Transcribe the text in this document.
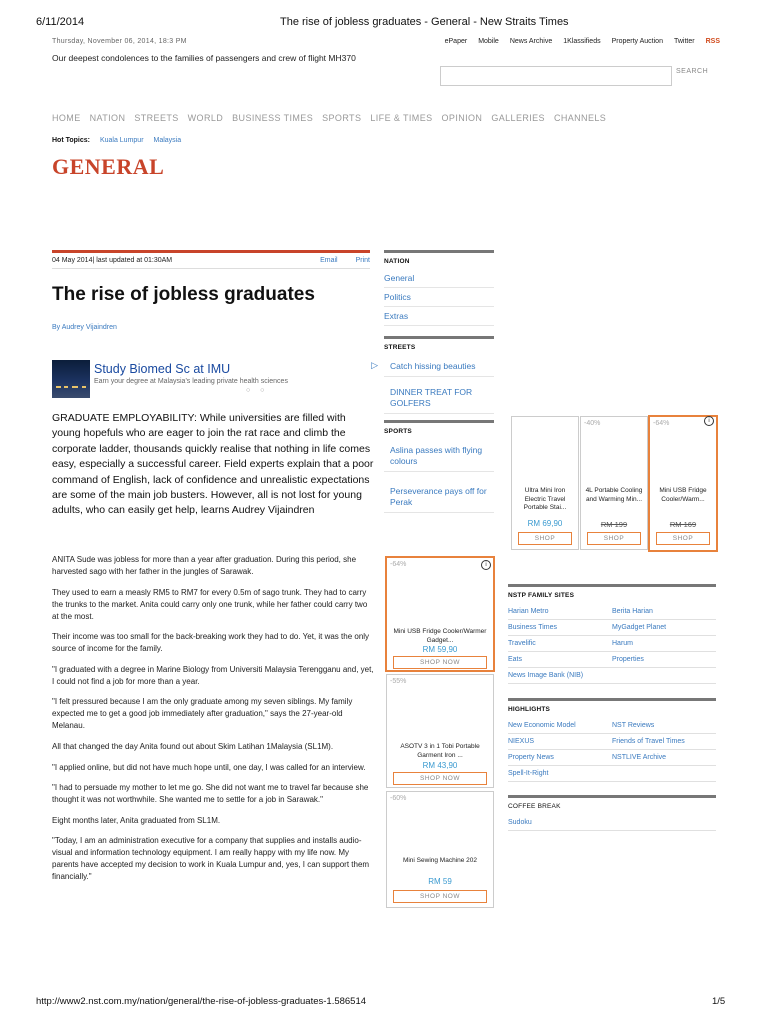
6/11/2014	The rise of jobless graduates - General - New Straits Times
Thursday, November 06, 2014, 18:3 PM	ePaper Mobile News Archive 1Klassifieds Property Auction Twitter RSS
Our deepest condolences to the families of passengers and crew of flight MH370
SEARCH
HOME NATION STREETS WORLD BUSINESS TIMES SPORTS LIFE & TIMES OPINION GALLERIES CHANNELS
Hot Topics: Kuala Lumpur Malaysia
GENERAL
04 May 2014| last updated at 01:30AM	Email	Print
The rise of jobless graduates
By Audrey Vijaindren
Study Biomed Sc at IMU
Earn your degree at Malaysia's leading private health sciences
○ ○
▷
GRADUATE EMPLOYABILITY: While universities are filled with young hopefuls who are eager to join the rat race and climb the corporate ladder, thousands quickly realise that nothing in life comes easy, especially a successful career. Field experts explain that a poor command of English, lack of confidence and unrealistic expectations are some of the main job busters. However, all is not lost for young adults, who can easily get help, learns Audrey Vijaindren

ANITA Sude was jobless for more than a year after graduation. During this period, she harvested sago with her father in the jungles of Sarawak.

They used to earn a measly RM5 to RM7 for every 0.5m of sago trunk. They had to carry the trunks to the market. Anita could carry only one trunk, while her father could carry two at the most.

Their income was too small for the back-breaking work they had to do. Yet, it was the only source of income for the family.

"I graduated with a degree in Marine Biology from Universiti Malaysia Terengganu and, yet, I could not find a job for more than a year.

"I felt pressured because I am the only graduate among my seven siblings. My family expected me to get a good job immediately after graduation," says the 27-year-old Melanau.

All that changed the day Anita found out about Skim Latihan 1Malaysia (SL1M).

"I applied online, but did not have much hope until, one day, I was called for an interview.

"I had to persuade my mother to let me go. She did not want me to travel far because she thought it was not worthwhile. She wanted me to settle for a job in Sarawak."

Eight months later, Anita graduated from SL1M.

"Today, I am an administration executive for a company that supplies and installs audio-visual and information technology equipment. I am really happy with my life now. My parents have accepted my decision to work in Kuala Lumpur and, yes, I can support them financially."

NATION
General
Politics
Extras
STREETS
Catch hissing beauties
DINNER TREAT FOR GOLFERS
SPORTS
Aslina passes with flying colours
Perseverance pays off for Perak
-64%	i
Mini USB Fridge Cooler/Warmer Gadget...
RM 59,90
SHOP NOW
-55%
ASOTV 3 in 1 Tobi Portable Garment Iron ...
RM 43,90
SHOP NOW
-60%
Mini Sewing Machine 202
RM 59
SHOP NOW
Ultra Mini Iron Electric Travel Portable Stai...
RM 69,90
SHOP
-40%
4L Portable Cooling and Warming Min...
RM 199
SHOP
-64%	i
Mini USB Fridge Cooler/Warm...
RM 169
SHOP
NSTP FAMILY SITES
Harian Metro	Berita Harian
Business Times	MyGadget Planet
Travelific	Harum
Eats	Properties
News Image Bank (NIB)
HIGHLIGHTS
New Economic Model	NST Reviews
NIEXUS	Friends of Travel Times
Property News	NSTLIVE Archive
Spell-It-Right
COFFEE BREAK
Sudoku
http://www2.nst.com.my/nation/general/the-rise-of-jobless-graduates-1.586514	1/5
